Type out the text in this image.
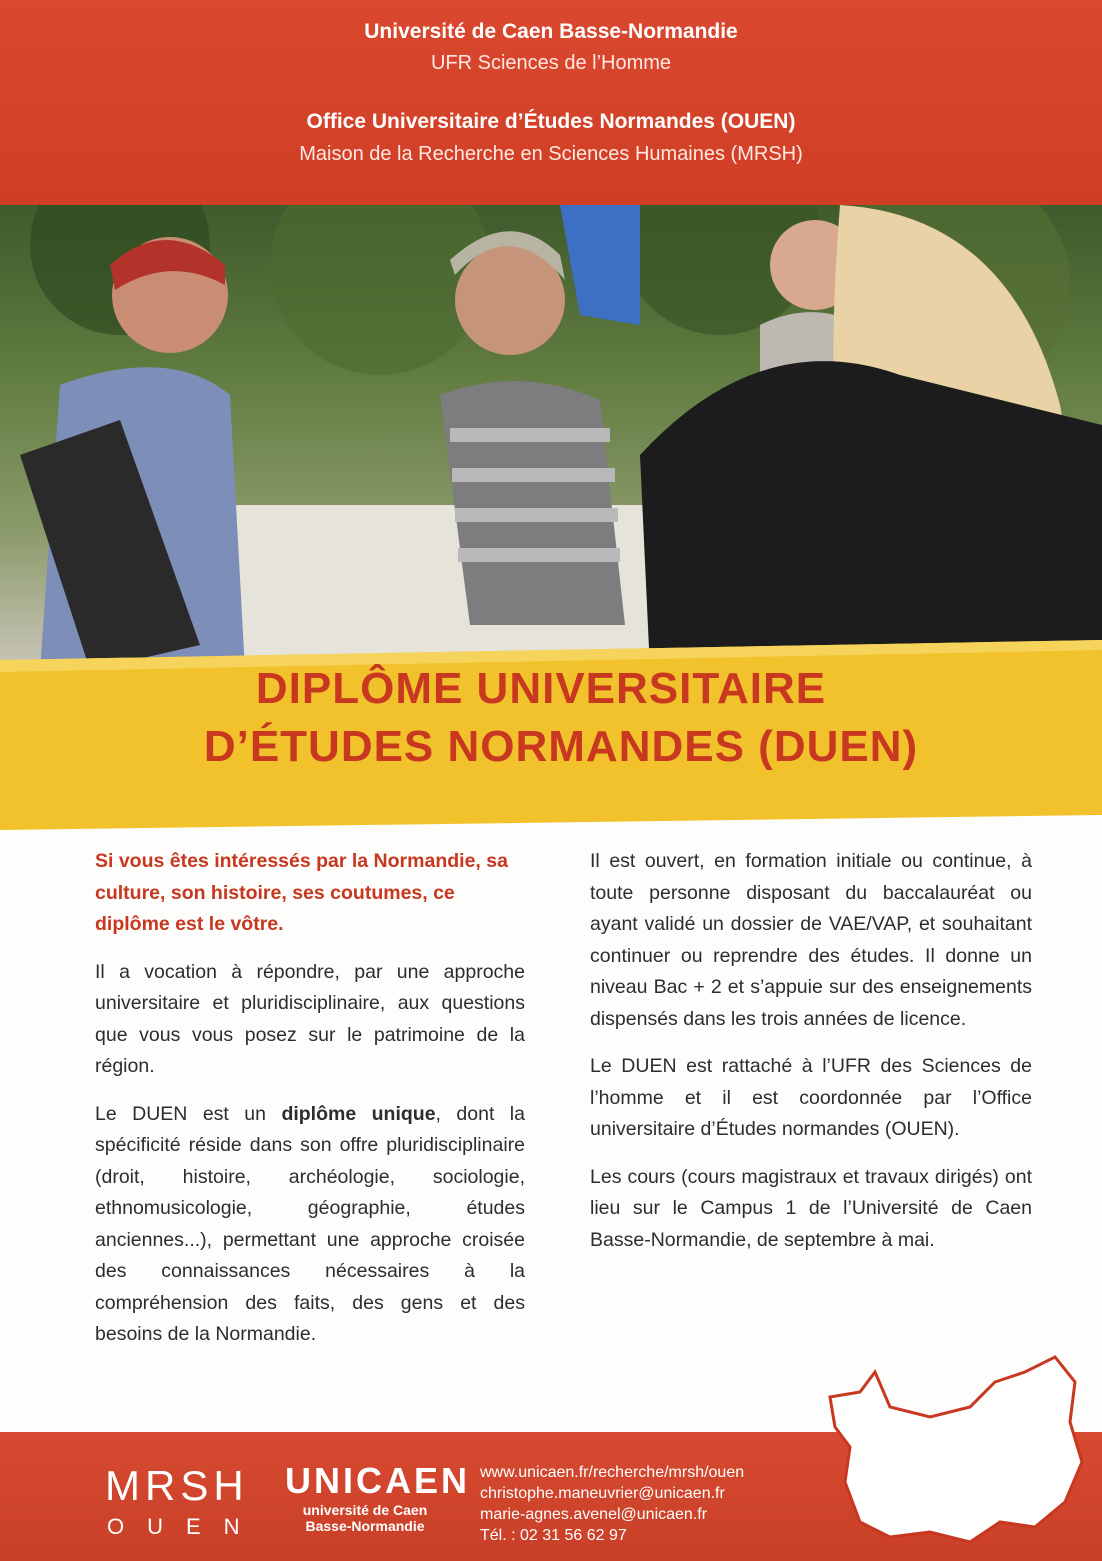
Université de Caen Basse-Normandie
UFR Sciences de l’Homme
Office Universitaire d’Études Normandes (OUEN)
Maison de la Recherche en Sciences Humaines (MRSH)
DIPLÔME UNIVERSITAIRE
D’ÉTUDES NORMANDES (DUEN)

Si vous êtes intéressés par la Normandie, sa culture, son histoire, ses coutumes, ce diplôme est le vôtre.

Il a vocation à répondre, par une approche universitaire et pluridisciplinaire, aux questions que vous vous posez sur le patrimoine de la région.

Le DUEN est un diplôme unique, dont la spécificité réside dans son offre pluridisciplinaire (droit, histoire, archéologie, sociologie, ethnomusicologie, géographie, études anciennes...), permettant une approche croisée des connaissances nécessaires à la compréhension des faits, des gens et des besoins de la Normandie.

Il est ouvert, en formation initiale ou continue, à toute personne disposant du baccalauréat ou ayant validé un dossier de VAE/VAP, et souhaitant continuer ou reprendre des études. Il donne un niveau Bac + 2 et s’appuie sur des enseignements dispensés dans les trois années de licence.

Le DUEN est rattaché à l’UFR des Sciences de l’homme et il est coordonnée par l’Office universitaire d’Études normandes (OUEN).

Les cours (cours magistraux et travaux dirigés) ont lieu sur le Campus 1 de l’Université de Caen Basse-Normandie, de septembre à mai.

MRSH
OUEN
UNICAEN
université de Caen
Basse-Normandie
www.unicaen.fr/recherche/mrsh/ouen
christophe.maneuvrier@unicaen.fr
marie-agnes.avenel@unicaen.fr
Tél. : 02 31 56 62 97
